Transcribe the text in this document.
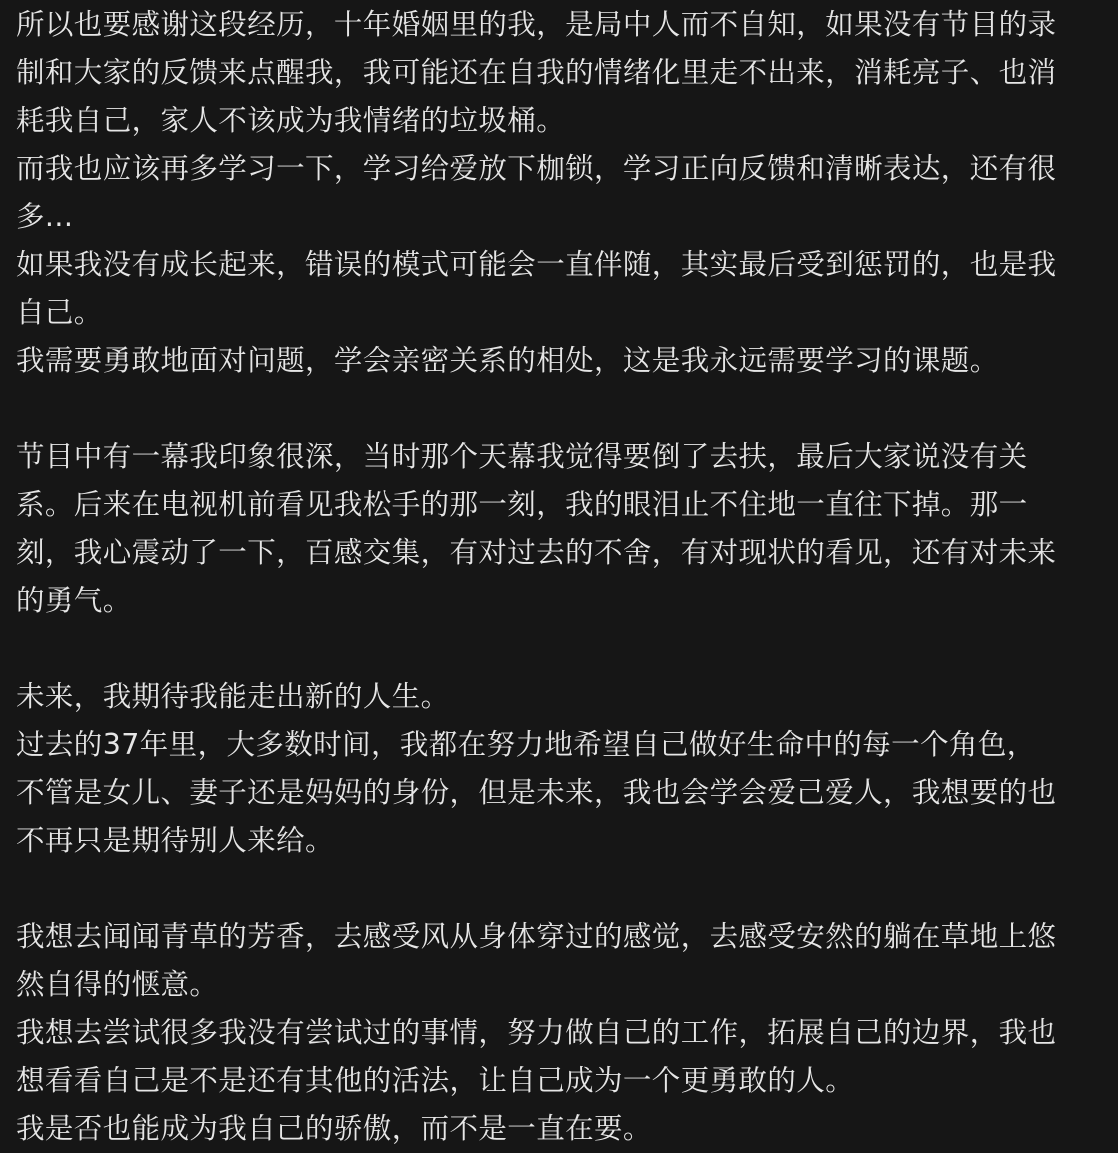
所以也要感谢这段经历，十年婚姻里的我，是局中人而不自知，如果没有节目的录
制和大家的反馈来点醒我，我可能还在自我的情绪化里走不出来，消耗亮子、也消
耗我自己，家人不该成为我情绪的垃圾桶。
而我也应该再多学习一下，学习给爱放下枷锁，学习正向反馈和清晰表达，还有很
多...
如果我没有成长起来，错误的模式可能会一直伴随，其实最后受到惩罚的，也是我
自己。
我需要勇敢地面对问题，学会亲密关系的相处，这是我永远需要学习的课题。
节目中有一幕我印象很深，当时那个天幕我觉得要倒了去扶，最后大家说没有关
系。后来在电视机前看见我松手的那一刻，我的眼泪止不住地一直往下掉。那一
刻，我心震动了一下，百感交集，有对过去的不舍，有对现状的看见，还有对未来
的勇气。
未来，我期待我能走出新的人生。
过去的37年里，大多数时间，我都在努力地希望自己做好生命中的每一个角色，
不管是女儿、妻子还是妈妈的身份，但是未来，我也会学会爱己爱人，我想要的也
不再只是期待别人来给。
我想去闻闻青草的芳香，去感受风从身体穿过的感觉，去感受安然的躺在草地上悠
然自得的惬意。
我想去尝试很多我没有尝试过的事情，努力做自己的工作，拓展自己的边界，我也
想看看自己是不是还有其他的活法，让自己成为一个更勇敢的人。
我是否也能成为我自己的骄傲，而不是一直在要。
